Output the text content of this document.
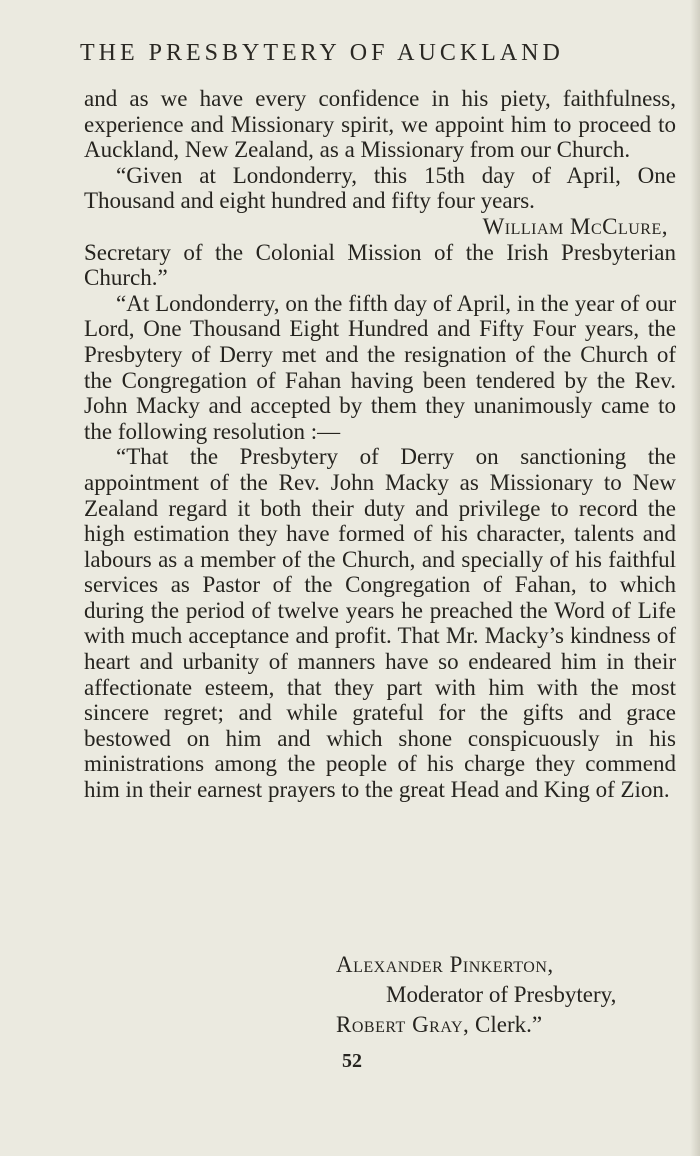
THE PRESBYTERY OF AUCKLAND

and as we have every confidence in his piety, faithfulness, experience and Missionary spirit, we appoint him to proceed to Auckland, New Zealand, as a Missionary from our Church.

“Given at Londonderry, this 15th day of April, One Thousand and eight hundred and fifty four years.

William McClure,

Secretary of the Colonial Mission of the Irish Presbyterian Church.”

“At Londonderry, on the fifth day of April, in the year of our Lord, One Thousand Eight Hundred and Fifty Four years, the Presbytery of Derry met and the resignation of the Church of the Congregation of Fahan having been tendered by the Rev. John Macky and accepted by them they unanimously came to the following resolution :—

“That the Presbytery of Derry on sanctioning the appointment of the Rev. John Macky as Missionary to New Zealand regard it both their duty and privilege to record the high estimation they have formed of his character, talents and labours as a member of the Church, and specially of his faithful services as Pastor of the Congregation of Fahan, to which during the period of twelve years he preached the Word of Life with much acceptance and profit. That Mr. Macky’s kindness of heart and urbanity of manners have so endeared him in their affectionate esteem, that they part with him with the most sincere regret; and while grateful for the gifts and grace bestowed on him and which shone conspicuously in his ministrations among the people of his charge they commend him in their earnest prayers to the great Head and King of Zion.

Alexander Pinkerton,
Moderator of Presbytery,
Robert Gray, Clerk.”
52
